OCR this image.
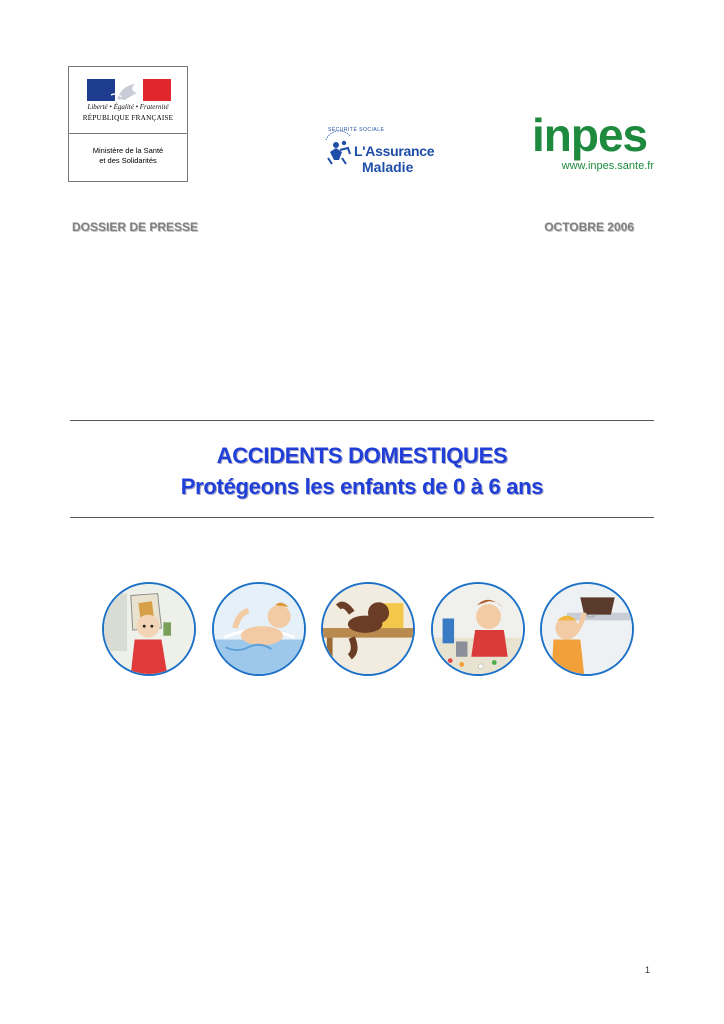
Liberté • Égalité • Fraternité
RÉPUBLIQUE FRANÇAISE
Ministère de la Santé
et des Solidarités
SÉCURITÉ SOCIALE
L'Assurance
Maladie
inpes
www.inpes.sante.fr
DOSSIER DE PRESSE	OCTOBRE 2006
ACCIDENTS DOMESTIQUES
Protégeons les enfants de 0 à 6 ans
1
